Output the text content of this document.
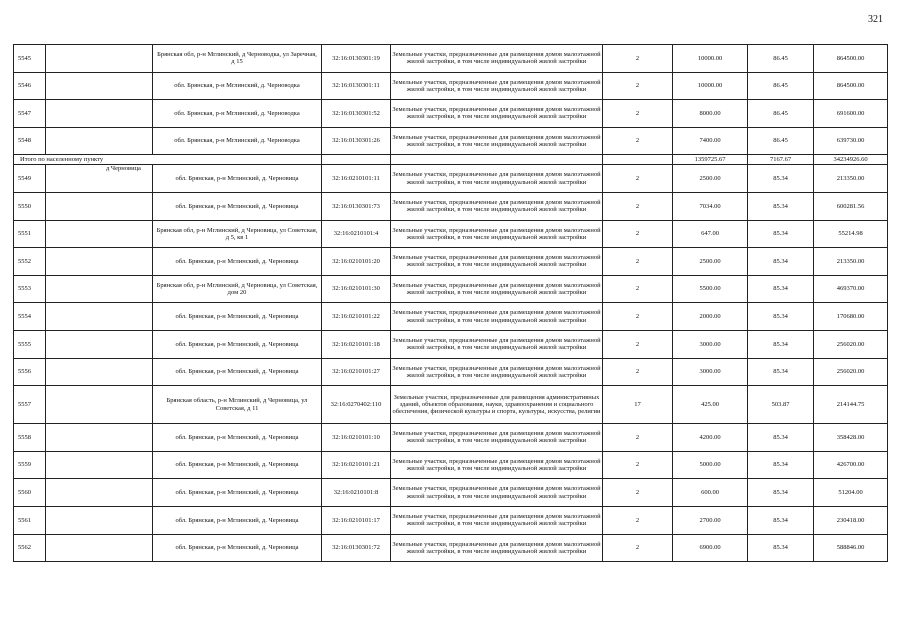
321
5545		Брянская обл, р-н Мглинский, д Черноводка, ул Заречная, д 15	32:16:0130301:19	Земельные участки, предназначенные для размещения домов малоэтажной жилой застройки, в том числе индивидуальной жилой застройки	2	10000.00	86.45	864500.00
5546		обл. Брянская, р-н Мглинский, д. Черноводка	32:16:0130301:11	Земельные участки, предназначенные для размещения домов малоэтажной жилой застройки, в том числе индивидуальной жилой застройки	2	10000.00	86.45	864500.00
5547		обл. Брянская, р-н Мглинский, д. Черноводка	32:16:0130301:52	Земельные участки, предназначенные для размещения домов малоэтажной жилой застройки, в том числе индивидуальной жилой застройки	2	8000.00	86.45	691600.00
5548		обл. Брянская, р-н Мглинский, д. Черноводка	32:16:0130301:26	Земельные участки, предназначенные для размещения домов малоэтажной жилой застройки, в том числе индивидуальной жилой застройки	2	7400.00	86.45	639730.00
Итого по населенному пункту						1359725.67	7167.67	34234926.60
5549	д Черновица	обл. Брянская, р-н Мглинский, д. Черновица	32:16:0210101:11	Земельные участки, предназначенные для размещения домов малоэтажной жилой застройки, в том числе индивидуальной жилой застройки	2	2500.00	85.34	213350.00
5550		обл. Брянская, р-н Мглинский, д. Черновица	32:16:0130301:73	Земельные участки, предназначенные для размещения домов малоэтажной жилой застройки, в том числе индивидуальной жилой застройки	2	7034.00	85.34	600281.56
5551		Брянская обл, р-н Мглинский, д Черновица, ул Советская, д 5, кв 1	32:16:0210101:4	Земельные участки, предназначенные для размещения домов малоэтажной жилой застройки, в том числе индивидуальной жилой застройки	2	647.00	85.34	55214.98
5552		обл. Брянская, р-н Мглинский, д. Черновица	32:16:0210101:20	Земельные участки, предназначенные для размещения домов малоэтажной жилой застройки, в том числе индивидуальной жилой застройки	2	2500.00	85.34	213350.00
5553		Брянская обл, р-н Мглинский, д Черновица, ул Советская, дом 20	32:16:0210101:30	Земельные участки, предназначенные для размещения домов малоэтажной жилой застройки, в том числе индивидуальной жилой застройки	2	5500.00	85.34	469370.00
5554		обл. Брянская, р-н Мглинский, д. Черновица	32:16:0210101:22	Земельные участки, предназначенные для размещения домов малоэтажной жилой застройки, в том числе индивидуальной жилой застройки	2	2000.00	85.34	170680.00
5555		обл. Брянская, р-н Мглинский, д. Черновица	32:16:0210101:18	Земельные участки, предназначенные для размещения домов малоэтажной жилой застройки, в том числе индивидуальной жилой застройки	2	3000.00	85.34	256020.00
5556		обл. Брянская, р-н Мглинский, д. Черновица	32:16:0210101:27	Земельные участки, предназначенные для размещения домов малоэтажной жилой застройки, в том числе индивидуальной жилой застройки	2	3000.00	85.34	256020.00
5557		Брянская область, р-н Мглинский, д Черновица, ул Советская, д 11	32:16:0270402:110	Земельные участки, предназначенные для размещения административных зданий, объектов образования, науки, здравоохранения и социального обеспечения, физической культуры и спорта, культуры, искусства, религии	17	425.00	503.87	214144.75
5558		обл. Брянская, р-н Мглинский, д. Черновица	32:16:0210101:10	Земельные участки, предназначенные для размещения домов малоэтажной жилой застройки, в том числе индивидуальной жилой застройки	2	4200.00	85.34	358428.00
5559		обл. Брянская, р-н Мглинский, д. Черновица	32:16:0210101:21	Земельные участки, предназначенные для размещения домов малоэтажной жилой застройки, в том числе индивидуальной жилой застройки	2	5000.00	85.34	426700.00
5560		обл. Брянская, р-н Мглинский, д. Черновица	32:16:0210101:8	Земельные участки, предназначенные для размещения домов малоэтажной жилой застройки, в том числе индивидуальной жилой застройки	2	600.00	85.34	51204.00
5561		обл. Брянская, р-н Мглинский, д. Черновица	32:16:0210101:17	Земельные участки, предназначенные для размещения домов малоэтажной жилой застройки, в том числе индивидуальной жилой застройки	2	2700.00	85.34	230418.00
5562		обл. Брянская, р-н Мглинский, д. Черновица	32:16:0130301:72	Земельные участки, предназначенные для размещения домов малоэтажной жилой застройки, в том числе индивидуальной жилой застройки	2	6900.00	85.34	588846.00
